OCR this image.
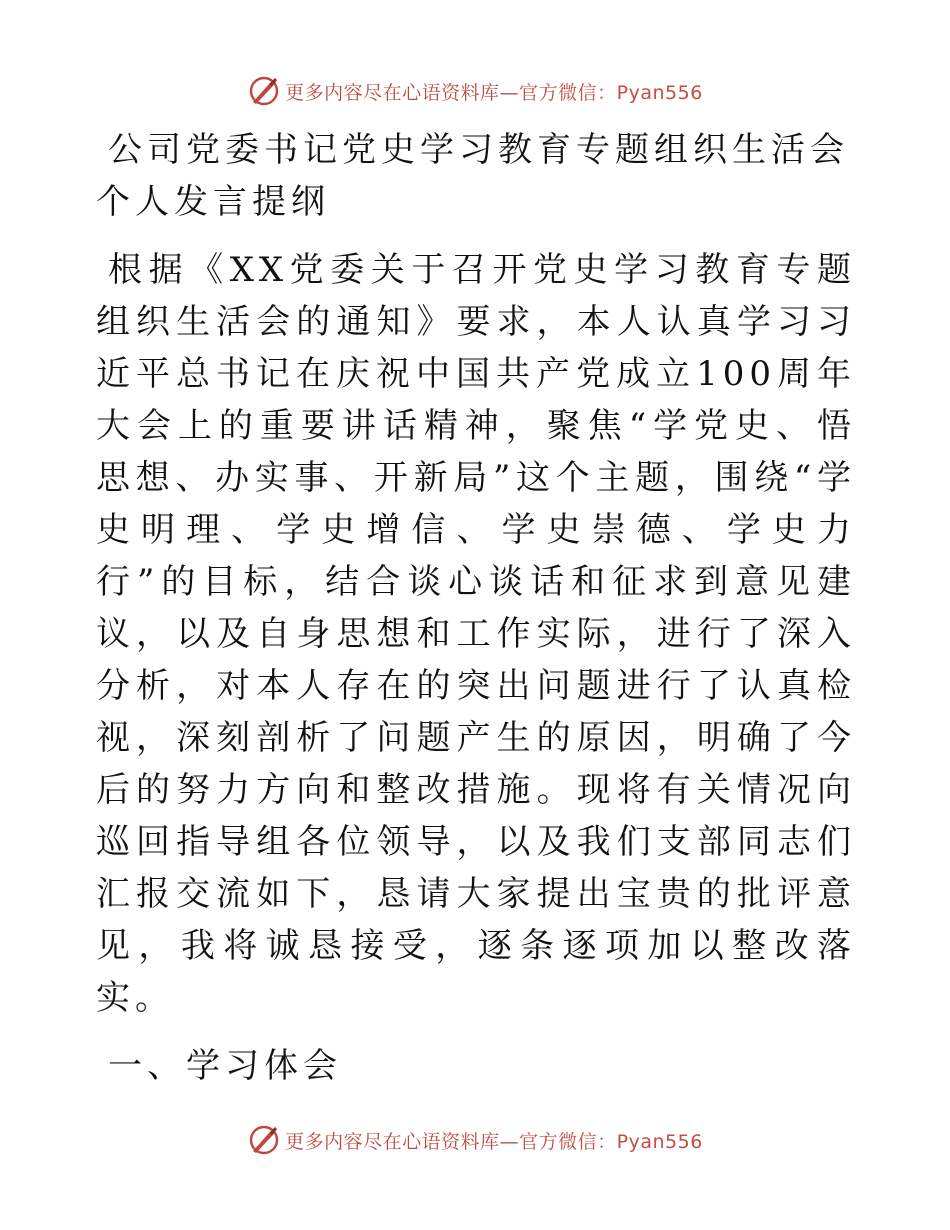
更多内容尽在心语资料库—官方微信：Pyan556
公司党委书记党史学习教育专题组织生活会个人发言提纲

根据《XX党委关于召开党史学习教育专题组织生活会的通知》要求，本人认真学习习近平总书记在庆祝中国共产党成立100周年大会上的重要讲话精神，聚焦“学党史、悟思想、办实事、开新局”这个主题，围绕“学史明理、学史增信、学史崇德、学史力行”的目标，结合谈心谈话和征求到意见建议，以及自身思想和工作实际，进行了深入分析，对本人存在的突出问题进行了认真检视，深刻剖析了问题产生的原因，明确了今后的努力方向和整改措施。现将有关情况向巡回指导组各位领导，以及我们支部同志们汇报交流如下，恳请大家提出宝贵的批评意见，我将诚恳接受，逐条逐项加以整改落实。

一、学习体会
更多内容尽在心语资料库—官方微信：Pyan556
